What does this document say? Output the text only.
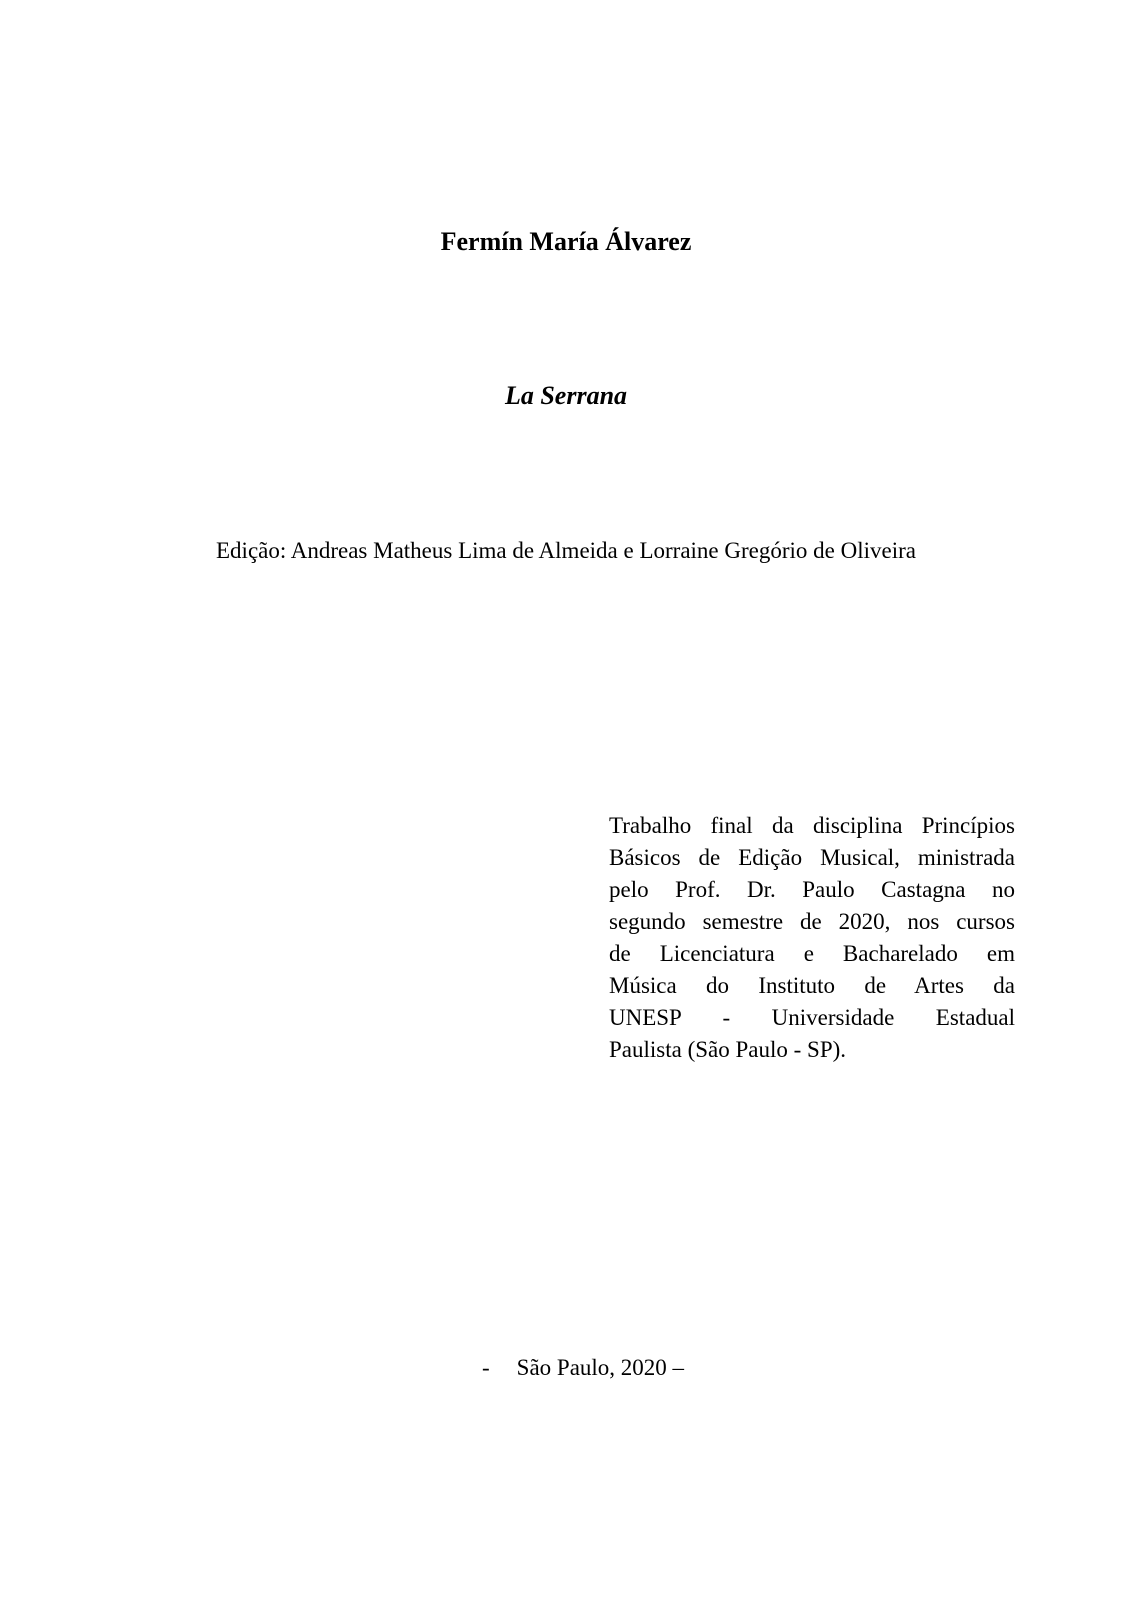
Fermín María Álvarez
La Serrana
Edição: Andreas Matheus Lima de Almeida e Lorraine Gregório de Oliveira
Trabalho final da disciplina Princípios
Básicos de Edição Musical, ministrada
pelo Prof. Dr. Paulo Castagna no
segundo semestre de 2020, nos cursos
de Licenciatura e Bacharelado em
Música do Instituto de Artes da
UNESP - Universidade Estadual
Paulista (São Paulo - SP).
- São Paulo, 2020 –
